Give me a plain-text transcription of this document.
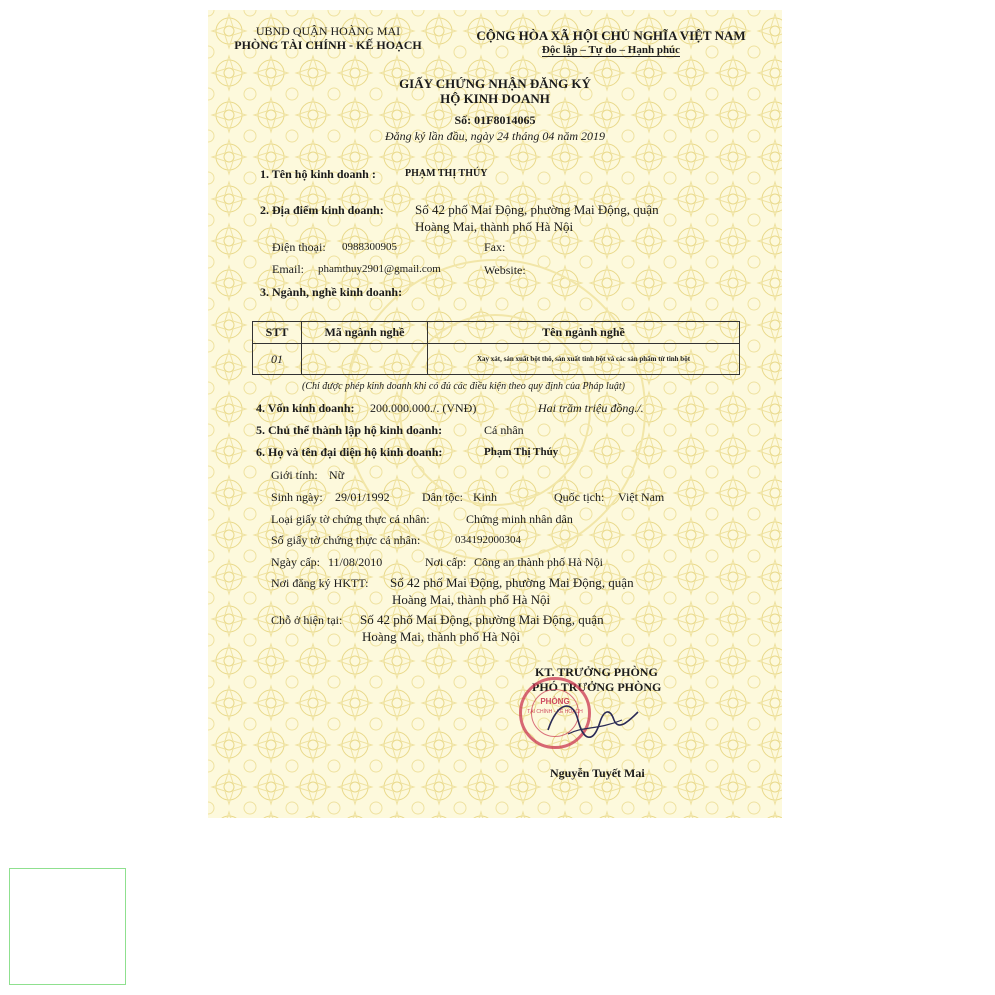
UBND QUẬN HOÀNG MAI
PHÒNG TÀI CHÍNH - KẾ HOẠCH
CỘNG HÒA XÃ HỘI CHỦ NGHĨA VIỆT NAM
Độc lập – Tự do – Hạnh phúc
GIẤY CHỨNG NHẬN ĐĂNG KÝ
HỘ KINH DOANH
Số: 01F8014065
Đăng ký lần đầu, ngày 24 tháng 04 năm 2019
1. Tên hộ kinh doanh :	PHẠM THỊ THÚY
2. Địa điểm kinh doanh: Số 42 phố Mai Động, phường Mai Động, quận
Hoàng Mai, thành phố Hà Nội
Điện thoại: 0988300905	Fax:
Email: phamthuy2901@gmail.com	Website:
3. Ngành, nghề kinh doanh:
STT	Mã ngành nghề	Tên ngành nghề
01		Xay xát, sản xuất bột thô, sản xuất tinh bột và các sản phẩm từ tinh bột
(Chỉ được phép kinh doanh khi có đủ các điều kiện theo quy định của Pháp luật)
4. Vốn kinh doanh: 200.000.000./. (VNĐ)	Hai trăm triệu đồng./.
5. Chủ thể thành lập hộ kinh doanh:	Cá nhân
6. Họ và tên đại diện hộ kinh doanh:	Phạm Thị Thúy
Giới tính: Nữ
Sinh ngày: 29/01/1992	Dân tộc: Kinh	Quốc tịch: Việt Nam
Loại giấy tờ chứng thực cá nhân:	Chứng minh nhân dân
Số giấy tờ chứng thực cá nhân:	034192000304
Ngày cấp: 11/08/2010	Nơi cấp: Công an thành phố Hà Nội
Nơi đăng ký HKTT: Số 42 phố Mai Động, phường Mai Động, quận
Hoàng Mai, thành phố Hà Nội
Chỗ ở hiện tại: Số 42 phố Mai Động, phường Mai Động, quận
Hoàng Mai, thành phố Hà Nội
KT. TRƯỞNG PHÒNG
PHÓ TRƯỞNG PHÒNG
PHÒNG
TÀI CHÍNH - KẾ HOẠCH
Nguyễn Tuyết Mai
